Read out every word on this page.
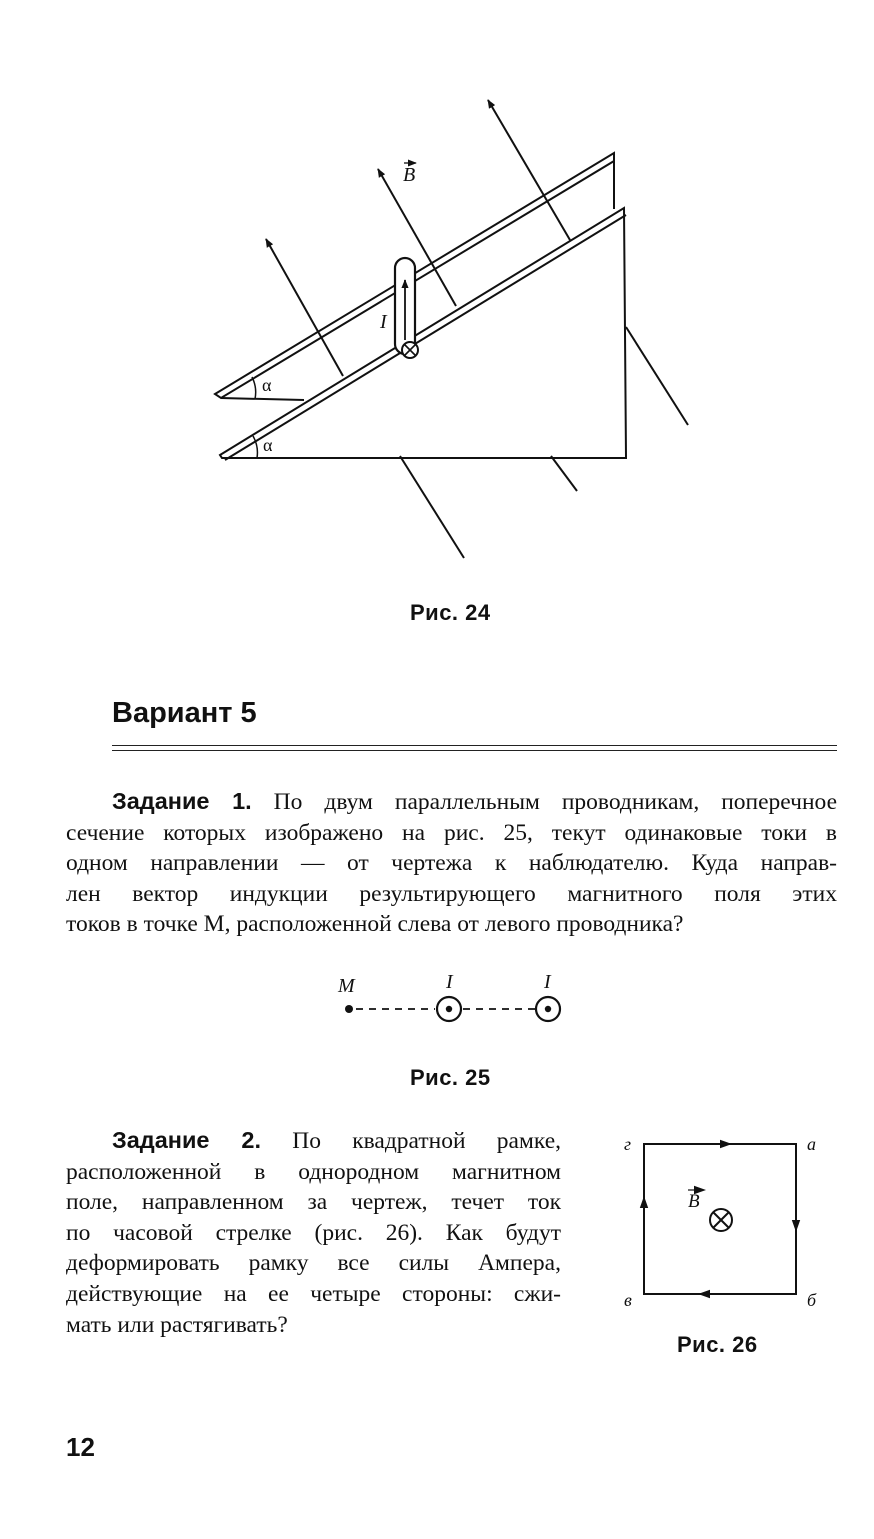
B
I
α
α
Рис. 24
Вариант 5
Задание 1. По двум параллельным проводникам, поперечное
сечение которых изображено на рис. 25, текут одинаковые токи в
одном направлении — от чертежа к наблюдателю. Куда направ-
лен вектор индукции результирующего магнитного поля этих
токов в точке M, расположенной слева от левого проводника?
M	I	I
Рис. 25
Задание 2. По квадратной рамке,
расположенной в однородном магнитном
поле, направленном за чертеж, течет ток
по часовой стрелке (рис. 26). Как будут
деформировать рамку все силы Ампера,
действующие на ее четыре стороны: сжи-
мать или растягивать?
г	а
б
в
B
Рис. 26
12
